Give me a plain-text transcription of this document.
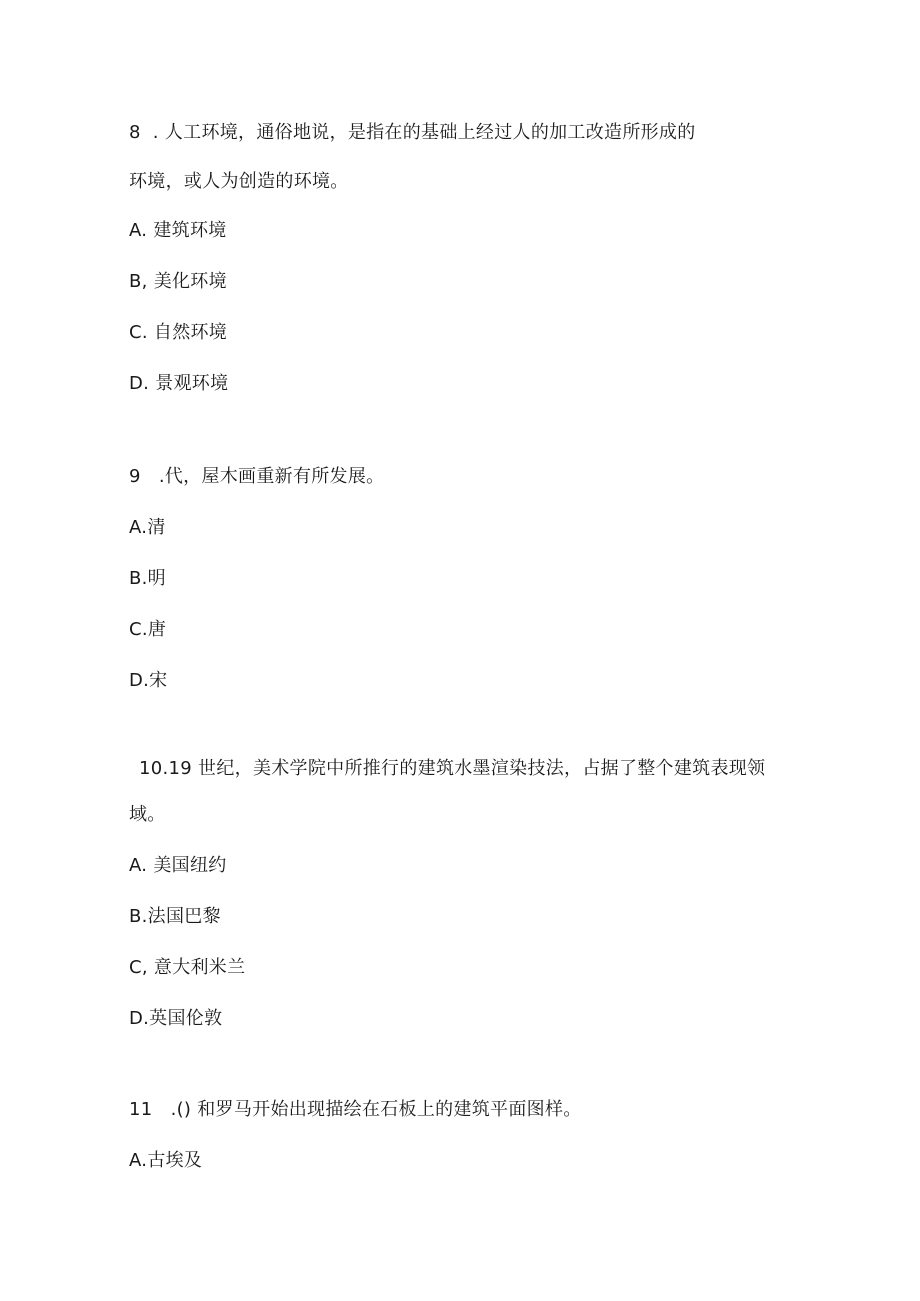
8  . 人工环境，通俗地说，是指在的基础上经过人的加工改造所形成的
环境，或人为创造的环境。
A. 建筑环境
B, 美化环境
C. 自然环境
D. 景观环境
9   .代，屋木画重新有所发展。
A.清
B.明
C.唐
D.宋
10.19 世纪，美术学院中所推行的建筑水墨渲染技法，占据了整个建筑表现领
域。
A. 美国纽约
B.法国巴黎
C, 意大利米兰
D.英国伦敦
11   .() 和罗马开始出现描绘在石板上的建筑平面图样。
A.古埃及
